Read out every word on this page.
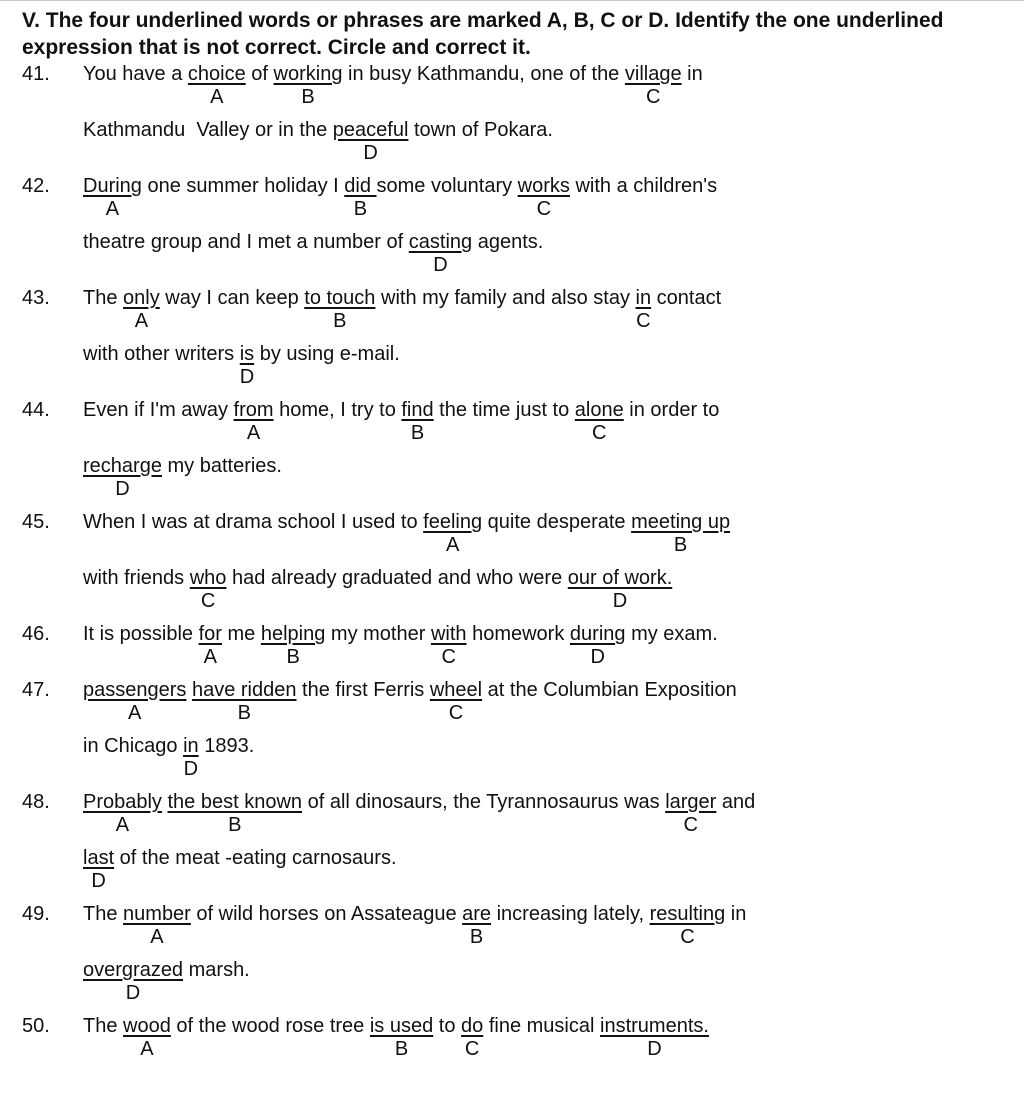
V. The four underlined words or phrases are marked A, B, C or D. Identify the one underlined expression that is not correct. Circle and correct it.
41. You have a choice
A
of working
B
in busy Kathmandu, one of the village
C
in
Kathmandu  Valley or in the peaceful
D
town of Pokara.
42. During
A
one summer holiday I did
B
some voluntary works
C
with a children's
theatre group and I met a number of casting
D
agents.
43. The only
A
way I can keep to touch
B
with my family and also stay in
C
contact
with other writers is
D
by using e-mail.
44. Even if I'm away from
A
home, I try to find
B
the time just to alone
C
in order to
recharge
D
my batteries.
45. When I was at drama school I used to feeling
A
quite desperate meeting up
B
with friends who
C
had already graduated and who were our of work.
D
46. It is possible for
A
me helping
B
my mother with
C
homework during
D
my exam.
47. passengers
A
have ridden
B
the first Ferris wheel
C
at the Columbian Exposition
in Chicago in
D
1893.
48. Probably
A
the best known
B
of all dinosaurs, the Tyrannosaurus was larger
C
and
last
D
of the meat -eating carnosaurs.
49. The number
A
of wild horses on Assateague are
B
increasing lately, resulting
C
in
overgrazed
D
marsh.
50. The wood
A
of the wood rose tree is used
B
to do
C
fine musical instruments.
D
